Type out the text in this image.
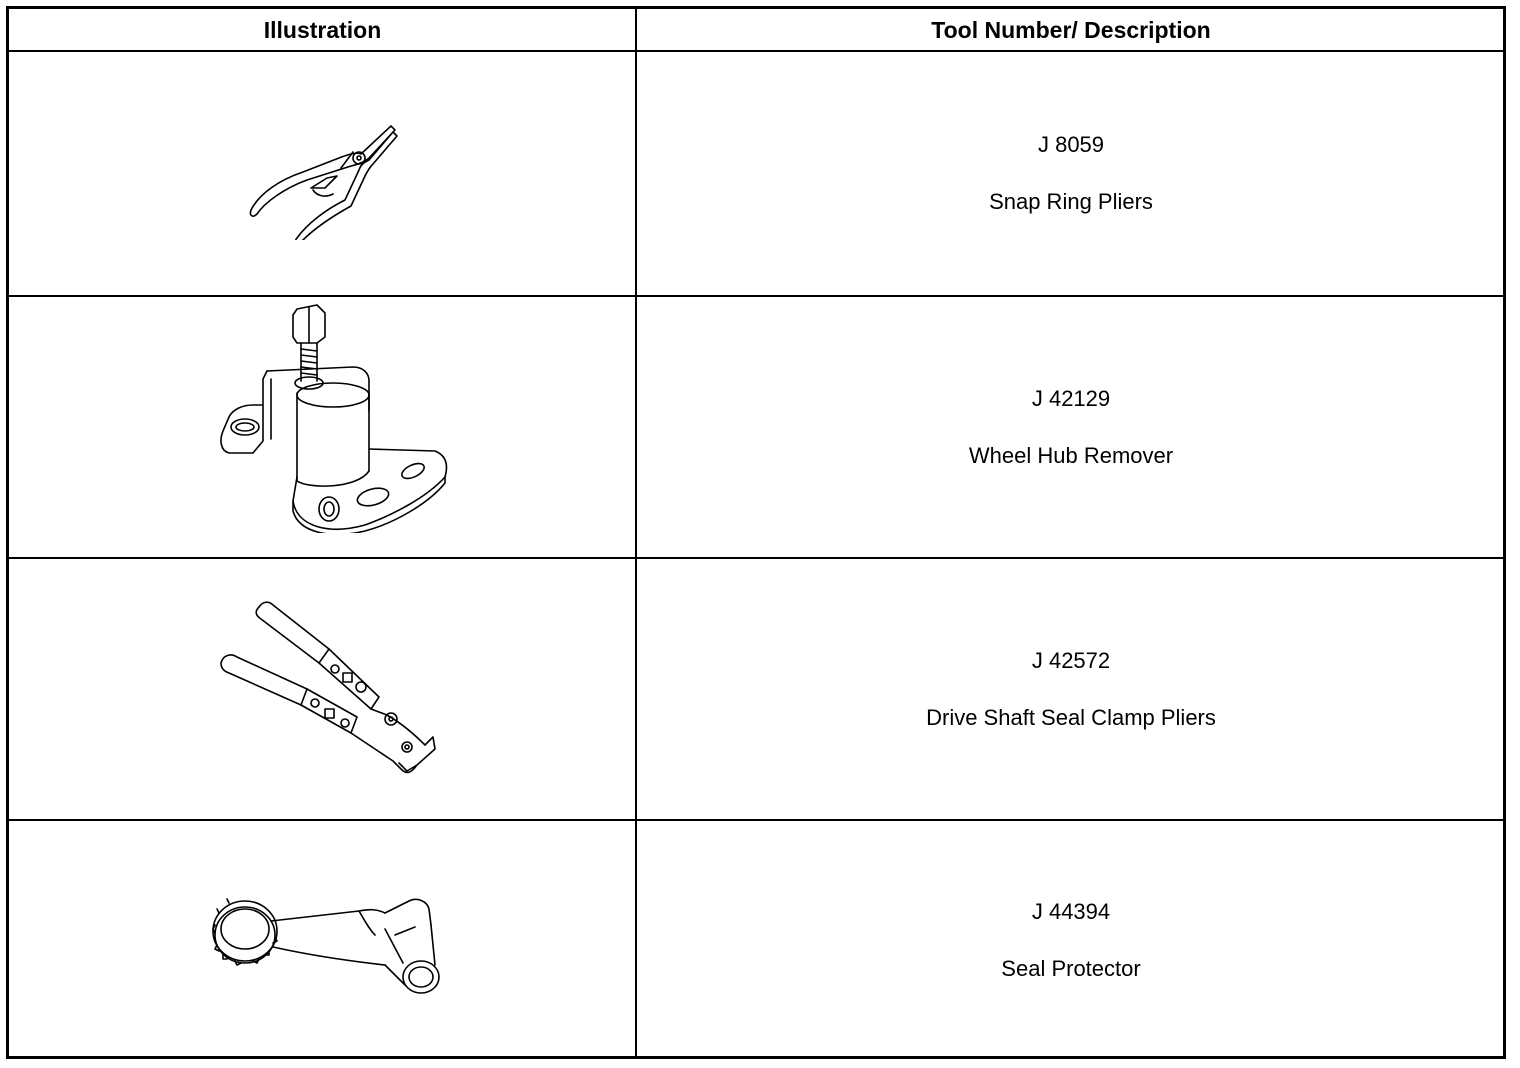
Illustration	Tool Number/ Description
J 8059
Snap Ring Pliers
J 42129
Wheel Hub Remover
J 42572
Drive Shaft Seal Clamp Pliers
J 44394
Seal Protector
